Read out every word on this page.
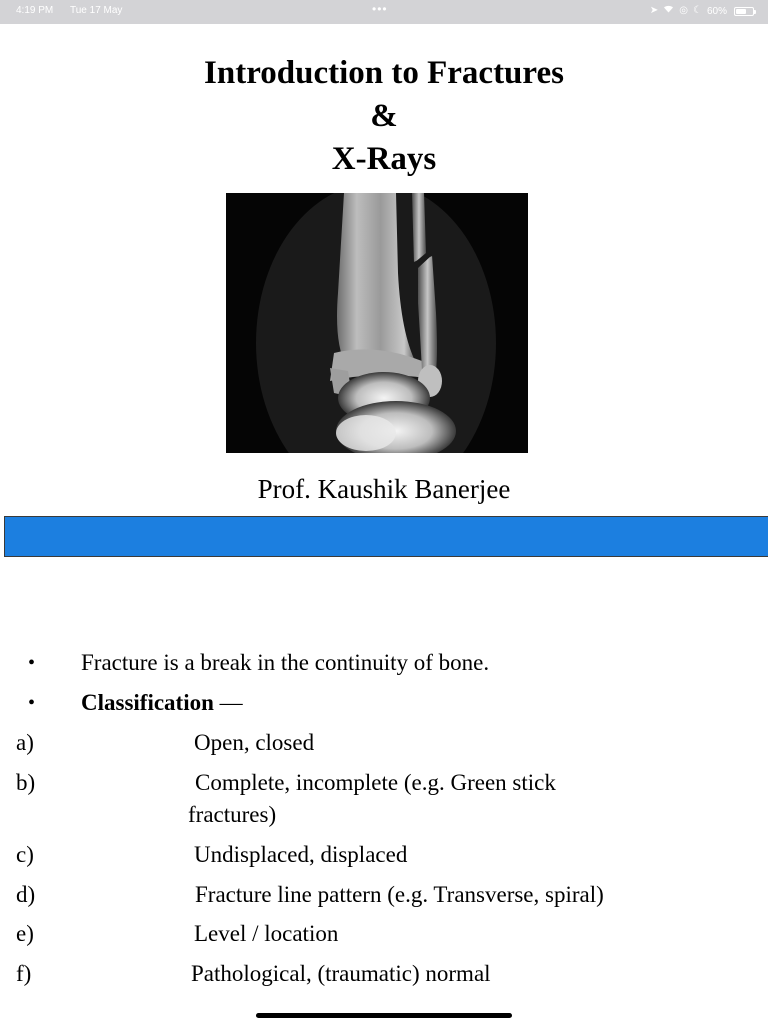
4:19 PM Tue 17 May	•••	➤ ◎ ☾ 60%
Introduction to Fractures
&
X-Rays
Prof. Kaushik Banerjee
• Fracture is a break in the continuity of bone.
• Classification —
a)	Open, closed
b)	Complete, incomplete (e.g. Green stick
fractures)
c)	Undisplaced, displaced
d)	Fracture line pattern (e.g. Transverse, spiral)
e)	Level / location
f)	Pathological, (traumatic) normal
